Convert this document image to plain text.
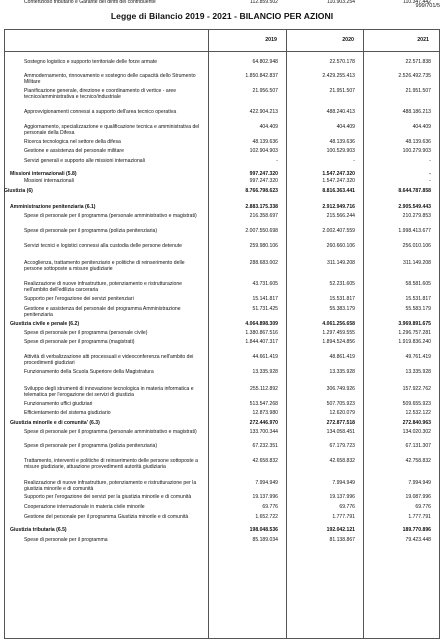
999/701/5
Legge di Bilancio 2019 - 2021 - BILANCIO PER AZIONI
2019	2020	2021
Sostegno logistico e supporto territoriale delle forze armate	64.802.948	22.570.178	22.571.838
Ammodernamento, rinnovamento e sostegno delle capacità dello Strumento Militare
1.850.842.837	2.429.255.413	2.526.492.735
Pianificazione generale, direzione e coordinamento di vertice - aree tecnico/amministrativa e tecnico/industriale
21.956.507	21.951.507	21.951.507
Approvvigionamenti connessi a supporto dell'area tecnico operativa	422.904.213	488.240.413	488.186.213
Aggiornamento, specializzazione e qualificazione tecnica e amministrativa del personale della Difesa
404.409	404.409	404.409
Ricerca tecnologica nel settore della difesa	48.139.636	48.139.636	48.139.636
Gestione e assistenza del personale militare	102.904.903	100.529.903	100.279.903
Servizi generali e supporto alle missioni internazionali	-	-	-
Missioni internazionali (5.8)	997.247.320	1.547.247.320	-
Missioni internazionali	997.247.320	1.547.247.320	-
Giustizia (6)	8.766.798.623	8.816.363.441	8.644.787.858
Amministrazione penitenziaria (6.1)	2.883.175.338	2.912.949.716	2.905.549.443
Spese di personale per il programma (personale amministrativo e magistrati)	216.358.697	215.566.244	210.279.853
Spese di personale per il programma (polizia penitenziaria)	2.007.550.698	2.002.407.559	1.998.413.677
Servizi tecnici e logistici connessi alla custodia delle persone detenute	259.980.106	260.660.106	256.010.106
Accoglienza, trattamento penitenziario e politiche di reinserimento delle persone sottoposte a misure giudiziarie
288.683.002	311.149.208	311.149.208
Realizzazione di nuove infrastrutture, potenziamento e ristrutturazione nell'ambito dell'edilizia carceraria
43.731.605	52.231.605	58.581.605
Supporto per l'erogazione dei servizi penitenziari	15.141.817	15.531.817	15.531.817
Gestione e assistenza del personale del programma Amministrazione penitenziaria
51.731.425	55.383.179	55.583.179
Giustizia civile e penale (6.2)	4.064.898.309	4.061.256.658	3.969.891.675
Spese di personale per il programma (personale civile)	1.380.867.516	1.297.459.555	1.296.757.281
Spese di personale per il programma (magistrati)	1.844.407.317	1.894.524.856	1.919.836.240
Attività di verbalizzazione atti processuali e videoconferenza nell'ambito dei procedimenti giudiziari
44.661.419	48.861.419	49.761.419
Funzionamento della Scuola Superiore della Magistratura	13.335.928	13.335.928	13.335.928
Sviluppo degli strumenti di innovazione tecnologica in materia informatica e telematica per l'erogazione dei servizi di giustizia
255.112.892	306.749.926	157.922.762
Funzionamento uffici giudiziari	513.547.268	507.705.923	509.655.923
Efficientamento del sistema giudiziario	12.873.980	12.620.079	12.532.122
Giustizia minorile e di comunita' (6.3)	272.446.970	272.877.518	272.840.963
Spese di personale per il programma (personale amministrativo e magistrati)	133.700.344	134.058.451	134.020.302
Spese di personale per il programma (polizia penitenziaria)	67.232.351	67.179.723	67.131.307
Trattamento, interventi e politiche di reinserimento delle persone sottoposte a misure giudiziarie, attuazione provvedimenti autorità giudiziaria
42.658.832	42.658.832	42.758.832
Realizzazione di nuove infrastrutture, potenziamento e ristrutturazione per la giustizia minorile e di comunità
7.994.949	7.994.949	7.994.949
Supporto per l'erogazione dei servizi per la giustizia minorile e di comunità	19.137.996	19.137.996	19.087.996
Cooperazione internazionale in materia civile minorile	69.776	69.776	69.776
Gestione del personale per il programma Giustizia minorile e di comunità	1.652.722	1.777.791	1.777.791
Giustizia tributaria (6.5)	198.048.536	192.042.121	189.770.896
Spese di personale per il programma	85.189.034	81.138.867	79.423.448
Contenzioso tributario e Garante dei diritti del contribuente	112.859.502	110.903.254	110.347.442
